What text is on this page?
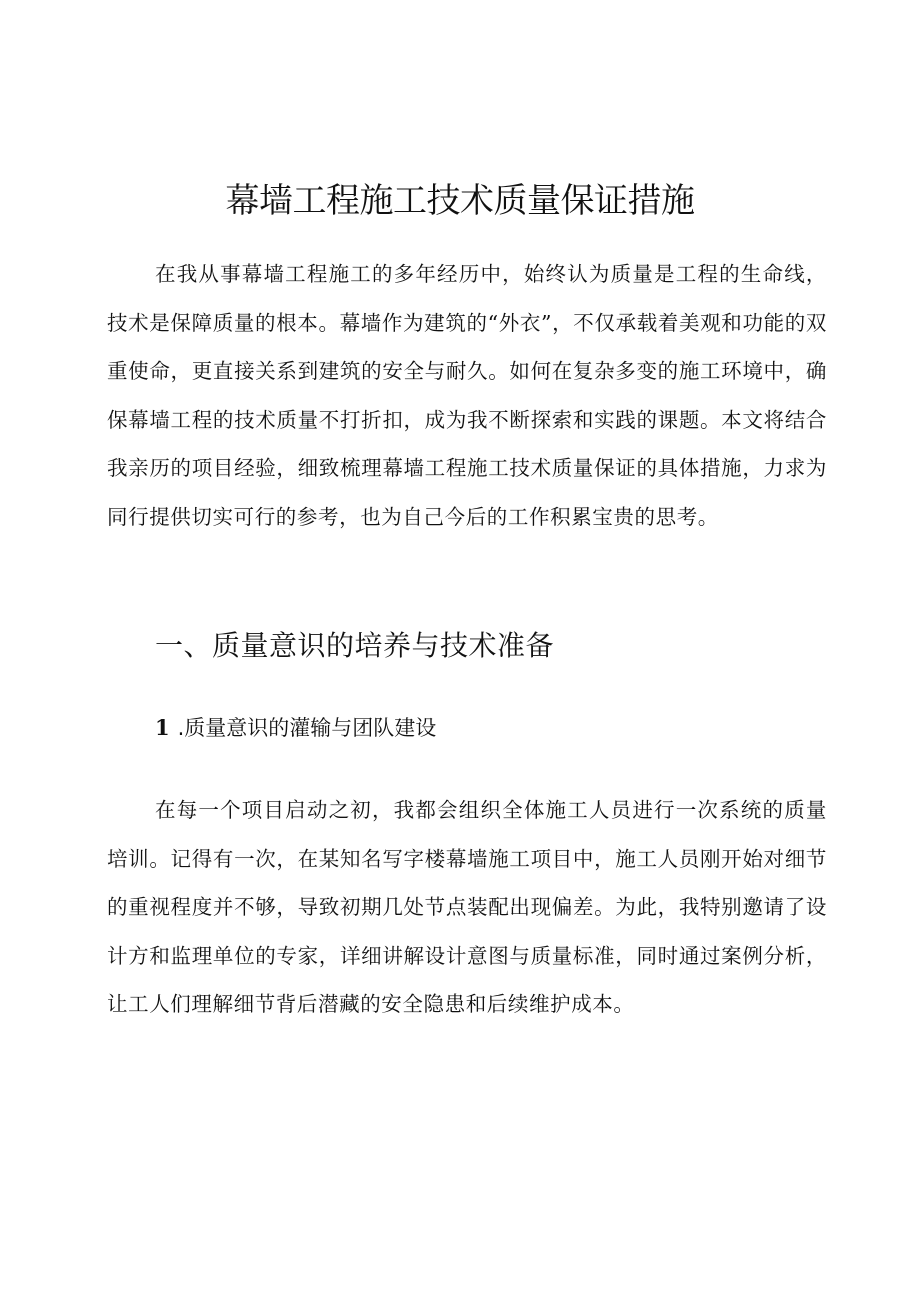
幕墙工程施工技术质量保证措施

在我从事幕墙工程施工的多年经历中，始终认为质量是工程的生命线，技术是保障质量的根本。幕墙作为建筑的“外衣”，不仅承载着美观和功能的双重使命，更直接关系到建筑的安全与耐久。如何在复杂多变的施工环境中，确保幕墙工程的技术质量不打折扣，成为我不断探索和实践的课题。本文将结合我亲历的项目经验，细致梳理幕墙工程施工技术质量保证的具体措施，力求为同行提供切实可行的参考，也为自己今后的工作积累宝贵的思考。

一、质量意识的培养与技术准备
1 .质量意识的灌输与团队建设

在每一个项目启动之初，我都会组织全体施工人员进行一次系统的质量培训。记得有一次，在某知名写字楼幕墙施工项目中，施工人员刚开始对细节的重视程度并不够，导致初期几处节点装配出现偏差。为此，我特别邀请了设计方和监理单位的专家，详细讲解设计意图与质量标准，同时通过案例分析，让工人们理解细节背后潜藏的安全隐患和后续维护成本。
